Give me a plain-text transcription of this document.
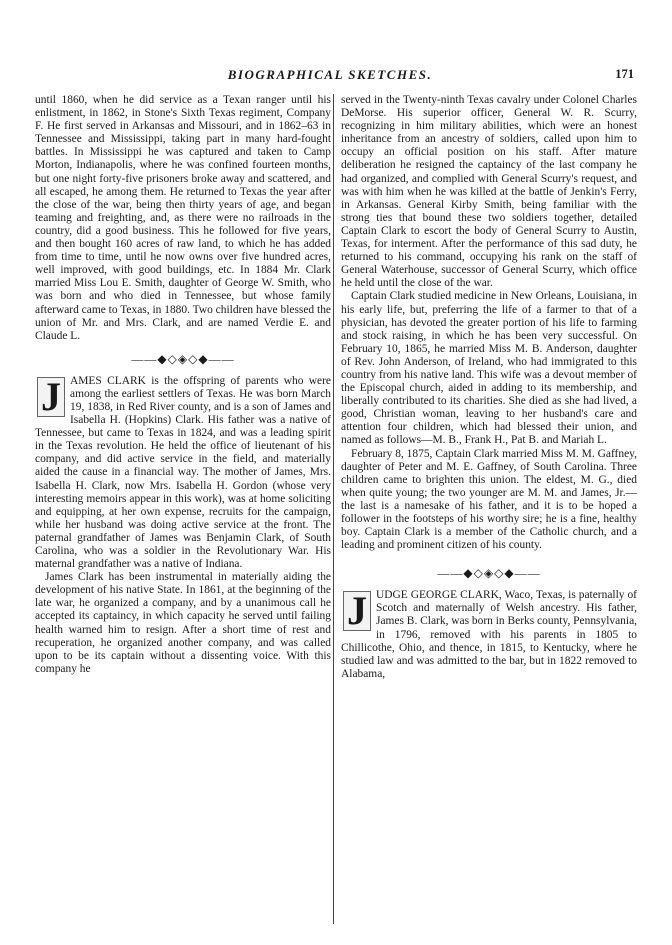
BIOGRAPHICAL SKETCHES.	171

until 1860, when he did service as a Texan ranger until his enlistment, in 1862, in Stone's Sixth Texas regiment, Company F. He first served in Arkansas and Missouri, and in 1862–63 in Tennessee and Mississippi, taking part in many hard-fought battles. In Mississippi he was captured and taken to Camp Morton, Indianapolis, where he was confined fourteen months, but one night forty-five prisoners broke away and scattered, and all escaped, he among them. He returned to Texas the year after the close of the war, being then thirty years of age, and began teaming and freighting, and, as there were no railroads in the country, did a good business. This he followed for five years, and then bought 160 acres of raw land, to which he has added from time to time, until he now owns over five hundred acres, well improved, with good buildings, etc. In 1884 Mr. Clark married Miss Lou E. Smith, daughter of George W. Smith, who was born and who died in Tennessee, but whose family afterward came to Texas, in 1880. Two children have blessed the union of Mr. and Mrs. Clark, and are named Verdie E. and Claude L.

——◆◇◈◇◆——

J AMES CLARK is the offspring of parents who were among the earliest settlers of Texas. He was born March 19, 1838, in Red River county, and is a son of James and Isabella H. (Hopkins) Clark. His father was a native of Tennessee, but came to Texas in 1824, and was a leading spirit in the Texas revolution. He held the office of lieutenant of his company, and did active service in the field, and materially aided the cause in a financial way. The mother of James, Mrs. Isabella H. Clark, now Mrs. Isabella H. Gordon (whose very interesting memoirs appear in this work), was at home soliciting and equipping, at her own expense, recruits for the campaign, while her husband was doing active service at the front. The paternal grandfather of James was Benjamin Clark, of South Carolina, who was a soldier in the Revolutionary War. His maternal grandfather was a native of Indiana.

James Clark has been instrumental in materially aiding the development of his native State. In 1861, at the beginning of the late war, he organized a company, and by a unanimous call he accepted its captaincy, in which capacity he served until failing health warned him to resign. After a short time of rest and recuperation, he organized another company, and was called upon to be its captain without a dissenting voice. With this company he

served in the Twenty-ninth Texas cavalry under Colonel Charles DeMorse. His superior officer, General W. R. Scurry, recognizing in him military abilities, which were an honest inheritance from an ancestry of soldiers, called upon him to occupy an official position on his staff. After mature deliberation he resigned the captaincy of the last company he had organized, and complied with General Scurry's request, and was with him when he was killed at the battle of Jenkin's Ferry, in Arkansas. General Kirby Smith, being familiar with the strong ties that bound these two soldiers together, detailed Captain Clark to escort the body of General Scurry to Austin, Texas, for interment. After the performance of this sad duty, he returned to his command, occupying his rank on the staff of General Waterhouse, successor of General Scurry, which office he held until the close of the war.

Captain Clark studied medicine in New Orleans, Louisiana, in his early life, but, preferring the life of a farmer to that of a physician, has devoted the greater portion of his life to farming and stock raising, in which he has been very successful. On February 10, 1865, he married Miss M. B. Anderson, daughter of Rev. John Anderson, of Ireland, who had immigrated to this country from his native land. This wife was a devout member of the Episcopal church, aided in adding to its membership, and liberally contributed to its charities. She died as she had lived, a good, Christian woman, leaving to her husband's care and attention four children, which had blessed their union, and named as follows—M. B., Frank H., Pat B. and Mariah L.

February 8, 1875, Captain Clark married Miss M. M. Gaffney, daughter of Peter and M. E. Gaffney, of South Carolina. Three children came to brighten this union. The eldest, M. G., died when quite young; the two younger are M. M. and James, Jr.—the last is a namesake of his father, and it is to be hoped a follower in the footsteps of his worthy sire; he is a fine, healthy boy. Captain Clark is a member of the Catholic church, and a leading and prominent citizen of his county.

——◆◇◈◇◆——

J UDGE GEORGE CLARK, Waco, Texas, is paternally of Scotch and maternally of Welsh ancestry. His father, James B. Clark, was born in Berks county, Pennsylvania, in 1796, removed with his parents in 1805 to Chillicothe, Ohio, and thence, in 1815, to Kentucky, where he studied law and was admitted to the bar, but in 1822 removed to Alabama,
